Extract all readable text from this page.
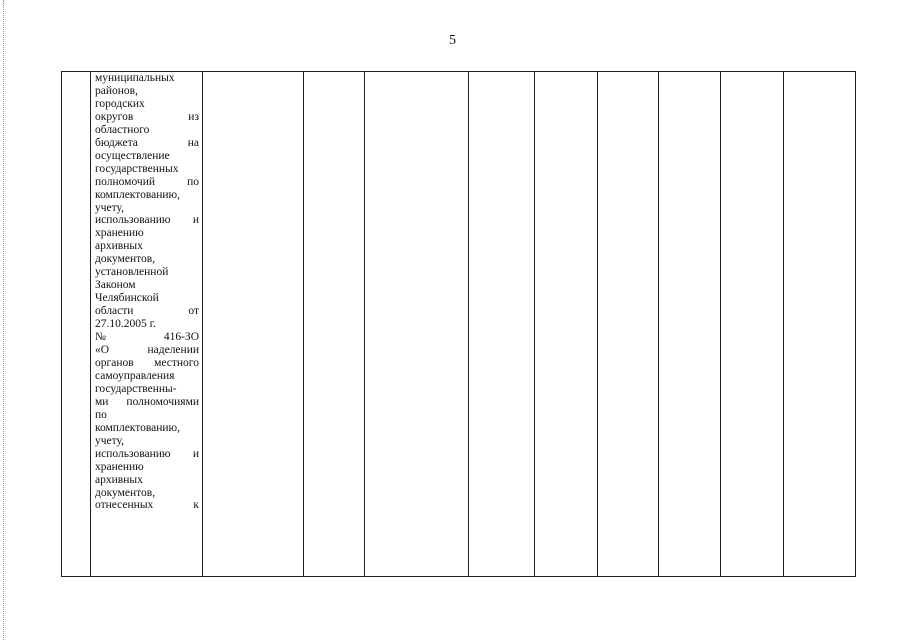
5

муниципальных
районов,
городских
округов из
областного
бюджета на
осуществление
государственных
полномочий по
комплектованию,
учету,
использованию и
хранению
архивных
документов,
установленной
Законом
Челябинской
области от
27.10.2005 г.
№ 416-ЗО
«О наделении
органов местного
самоуправления
государственны-
ми полномочиями
по
комплектованию,
учету,
использованию и
хранению
архивных
документов,
отнесенных к
